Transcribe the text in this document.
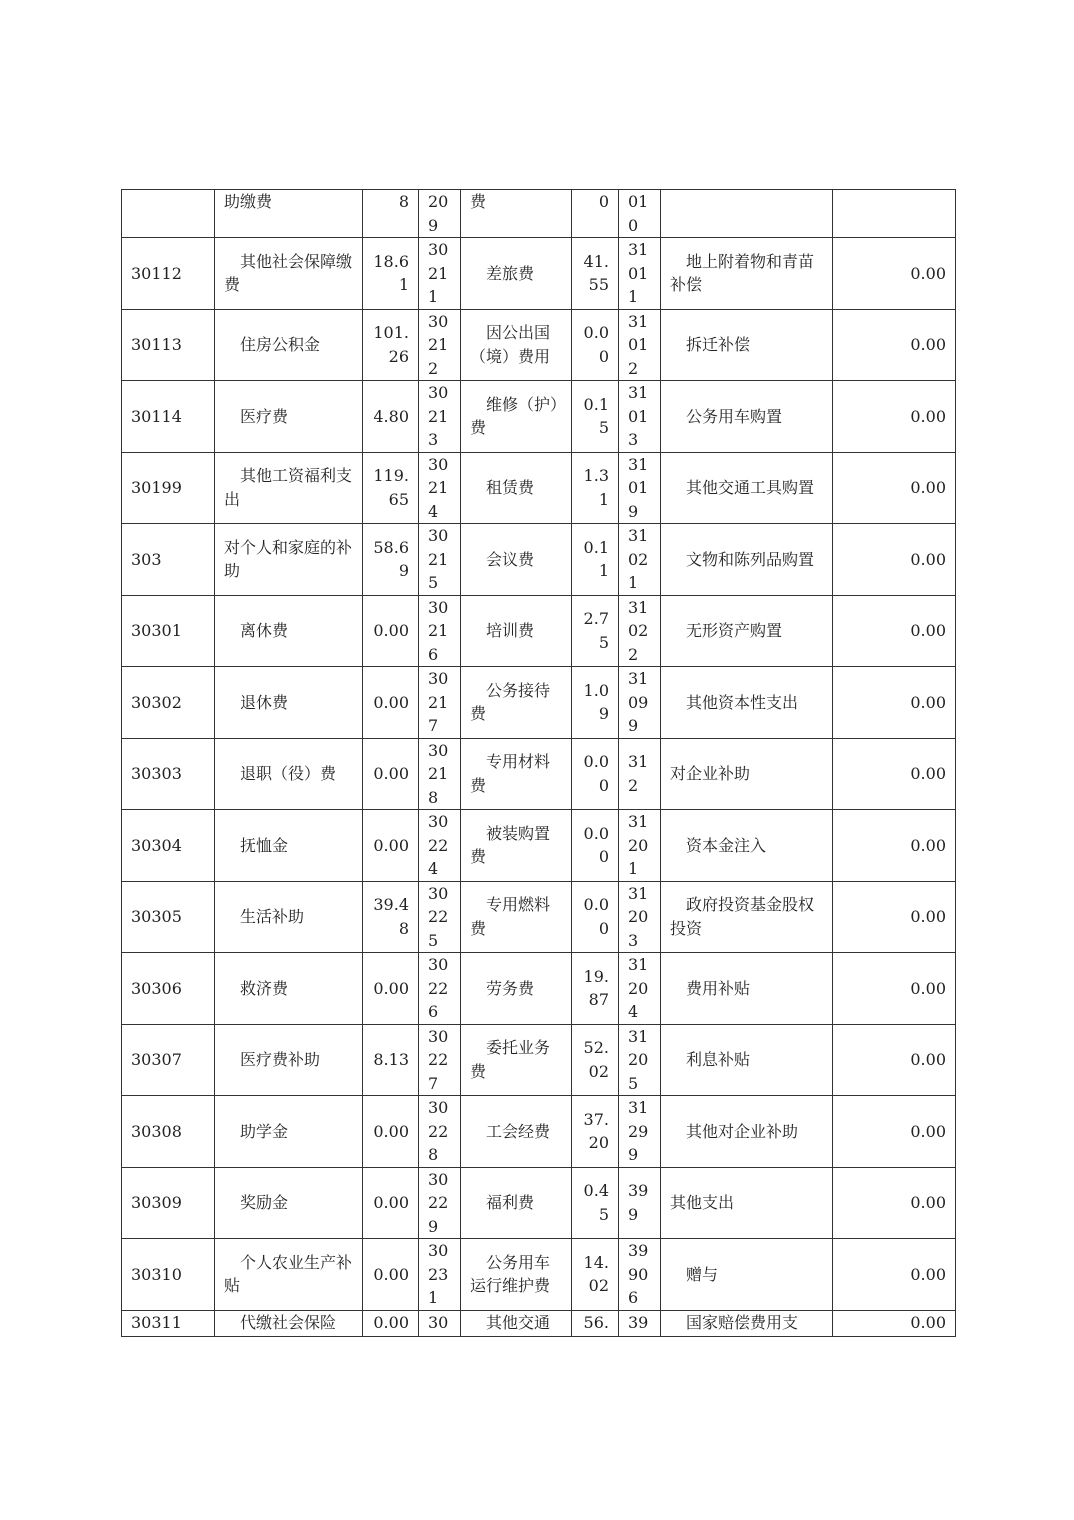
	助缴费	8	209	费	0	010		
30112	其他社会保障缴费	18.61	30211	差旅费	41.55	31011	地上附着物和青苗补偿	0.00
30113	住房公积金	101.26	30212	因公出国（境）费用	0.00	31012	拆迁补偿	0.00
30114	医疗费	4.80	30213	维修（护）费	0.15	31013	公务用车购置	0.00
30199	其他工资福利支出	119.65	30214	租赁费	1.31	31019	其他交通工具购置	0.00
303	对个人和家庭的补助	58.69	30215	会议费	0.11	31021	文物和陈列品购置	0.00
30301	离休费	0.00	30216	培训费	2.75	31022	无形资产购置	0.00
30302	退休费	0.00	30217	公务接待费	1.09	31099	其他资本性支出	0.00
30303	退职（役）费	0.00	30218	专用材料费	0.00	312	对企业补助	0.00
30304	抚恤金	0.00	30224	被装购置费	0.00	31201	资本金注入	0.00
30305	生活补助	39.48	30225	专用燃料费	0.00	31203	政府投资基金股权投资	0.00
30306	救济费	0.00	30226	劳务费	19.87	31204	费用补贴	0.00
30307	医疗费补助	8.13	30227	委托业务费	52.02	31205	利息补贴	0.00
30308	助学金	0.00	30228	工会经费	37.20	31299	其他对企业补助	0.00
30309	奖励金	0.00	30229	福利费	0.45	399	其他支出	0.00
30310	个人农业生产补贴	0.00	30231	公务用车运行维护费	14.02	39906	赠与	0.00
30311	代缴社会保险	0.00	30	其他交通	56.	39	国家赔偿费用支	0.00
